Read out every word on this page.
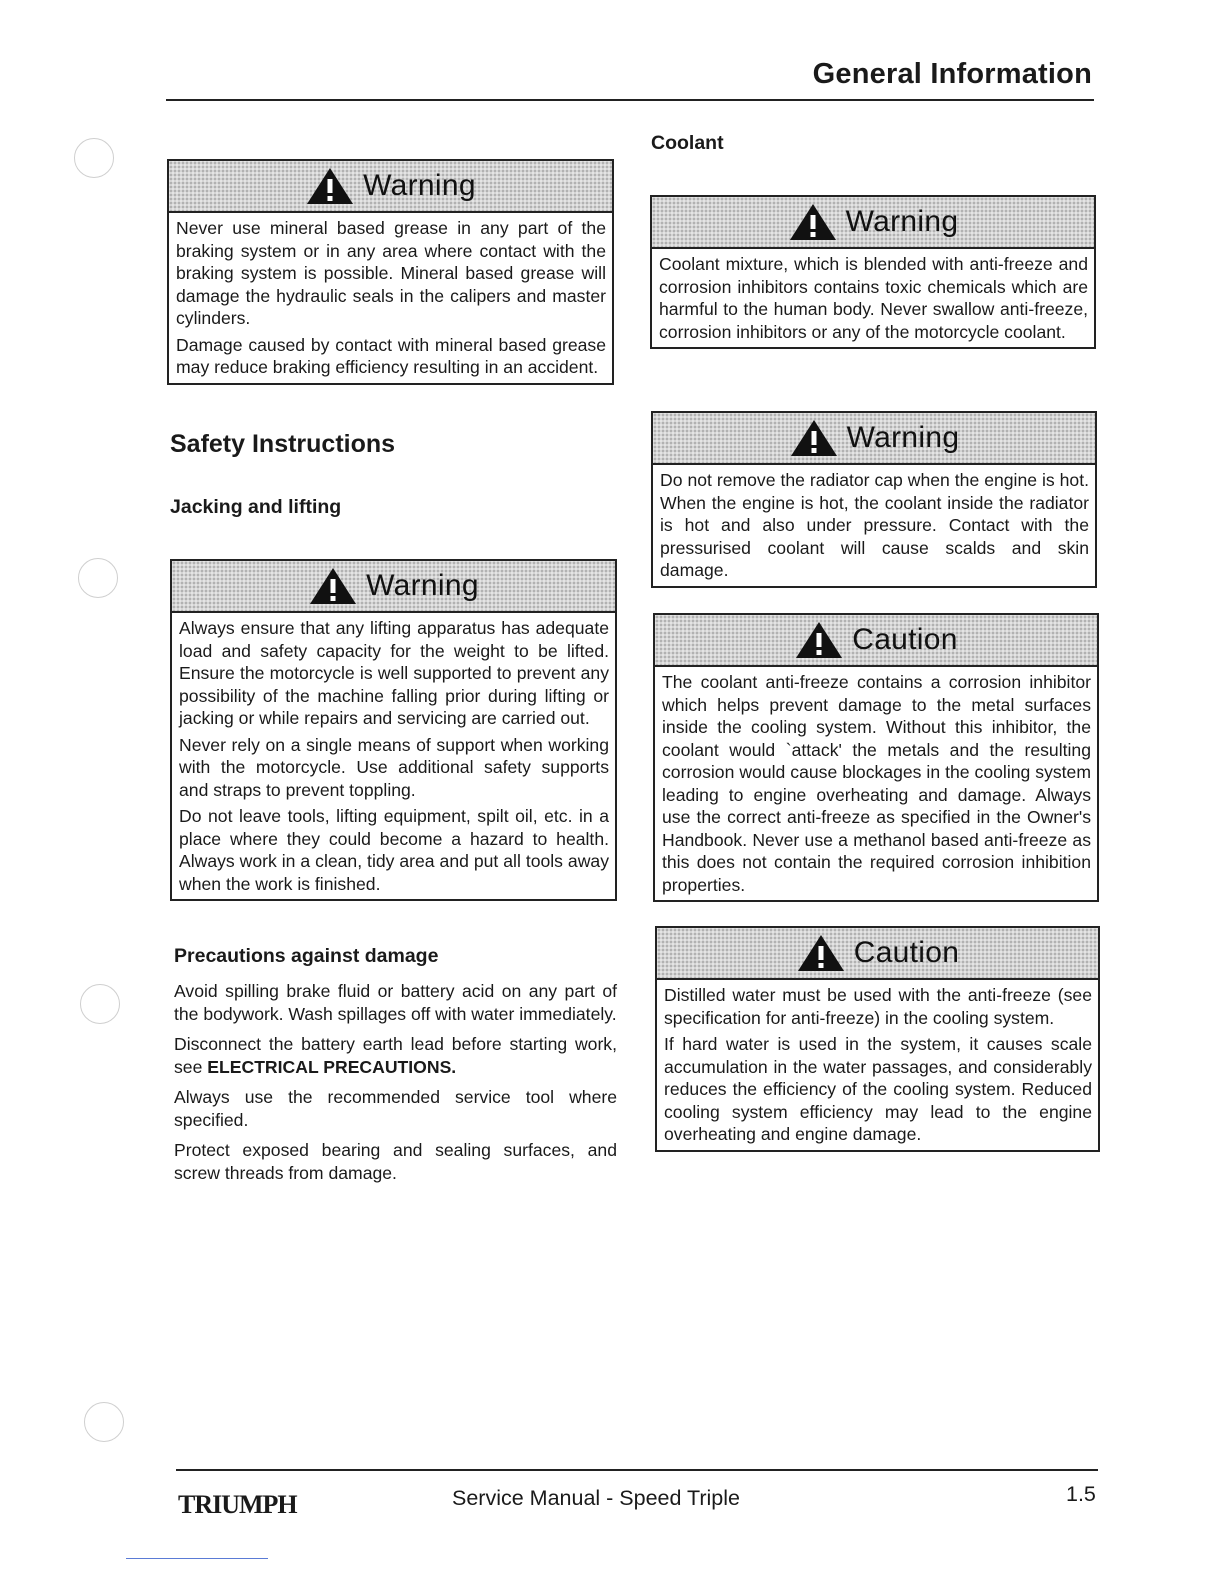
General Information
Warning

Never use mineral based grease in any part of the braking system or in any area where contact with the braking system is possible. Mineral based grease will damage the hydraulic seals in the calipers and master cylinders.

Damage caused by contact with mineral based grease may reduce braking efficiency resulting in an accident.

Safety Instructions
Jacking and lifting
Warning

Always ensure that any lifting apparatus has adequate load and safety capacity for the weight to be lifted. Ensure the motorcycle is well supported to prevent any possibility of the machine falling prior during lifting or jacking or while repairs and servicing are carried out.

Never rely on a single means of support when working with the motorcycle. Use additional safety supports and straps to prevent toppling.

Do not leave tools, lifting equipment, spilt oil, etc. in a place where they could become a hazard to health. Always work in a clean, tidy area and put all tools away when the work is finished.

Precautions against damage

Avoid spilling brake fluid or battery acid on any part of the bodywork. Wash spillages off with water immediately.

Disconnect the battery earth lead before starting work, see ELECTRICAL PRECAUTIONS.

Always use the recommended service tool where specified.

Protect exposed bearing and sealing surfaces, and screw threads from damage.

Coolant
Warning

Coolant mixture, which is blended with anti-freeze and corrosion inhibitors contains toxic chemicals which are harmful to the human body. Never swallow anti-freeze, corrosion inhibitors or any of the motorcycle coolant.

Warning

Do not remove the radiator cap when the engine is hot. When the engine is hot, the coolant inside the radiator is hot and also under pressure. Contact with the pressurised coolant will cause scalds and skin damage.

Caution

The coolant anti-freeze contains a corrosion inhibitor which helps prevent damage to the metal surfaces inside the cooling system. Without this inhibitor, the coolant would `attack' the metals and the resulting corrosion would cause blockages in the cooling system leading to engine overheating and damage. Always use the correct anti-freeze as specified in the Owner's Handbook. Never use a methanol based anti-freeze as this does not contain the required corrosion inhibition properties.

Caution

Distilled water must be used with the anti-freeze (see specification for anti-freeze) in the cooling system.

If hard water is used in the system, it causes scale accumulation in the water passages, and considerably reduces the efficiency of the cooling system. Reduced cooling system efficiency may lead to the engine overheating and engine damage.

TRIUMPH	Service Manual - Speed Triple	1.5
